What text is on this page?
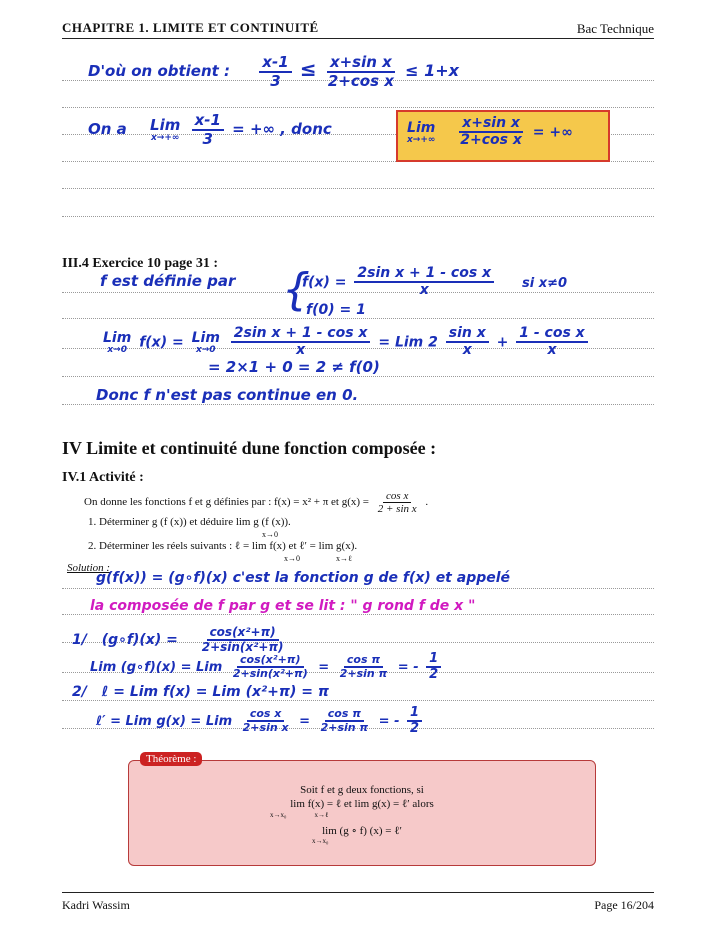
CHAPITRE 1. LIMITE ET CONTINUITÉ	Bac Technique
D'où on obtient : $\frac{x-1}{3} \le \frac{\text{x+sin x}}{\text{2+cos x}} \le 1+x$
On a Lim
x→+∞
$\frac{x-1}{3}$ = +∞ , donc	Lim
x→+∞
$\frac{\text{x+sin x}}{\text{2+cos x}}$ = +∞
III.4 Exercice 10 page 31 :
f est définie par {
$f(x) = \frac{\text{2sin x + 1 - cos x}}{x}$ si x≠0
f(0) = 1
Lim
x→0 f(x) = Lim
x→0
$\frac{\text{2sin x + 1 - cos x}}{x}$ = Lim $2 \frac{\text{sin x}}{x} + \frac{\text{1 - cos x}}{x}$
= 2×1 + 0 = 2 ≠ f(0)
Donc f n'est pas continue en 0.
IV Limite et continuité dune fonction composée :
IV.1 Activité :
On donne les fonctions f et g définies par : f(x) = x² + π et $g(x) = \frac{\text{cos x}}{\text{2 + sin x}}$ .
1. Déterminer g (f (x)) et déduire lim g (f (x)).
x→0
2. Déterminer les réels suivants : ℓ = lim f(x) et ℓ′ = lim g(x).
x→0                  x→ℓ
Solution :
g(f(x)) = (g∘f)(x) c'est la fonction g de f(x) et appelé
la composée de f par g et se lit : " g rond f de x "
1/ (g∘f)(x) = $\frac{\text{cos(x²+π)}}{\text{2+sin(x²+π)}}$
Lim (g∘f)(x) = Lim $\frac{\text{cos(x²+π)}}{\text{2+sin(x²+π)}} = \frac{\text{cos π}}{\text{2+sin π}}$ = - $\frac{1}{2}$
2/ ℓ = Lim f(x) = Lim (x²+π) = π
ℓ′ = Lim g(x) = Lim $\frac{\text{cos x}}{\text{2+sin x}} = \frac{\text{cos π}}{\text{2+sin π}}$ = - $\frac{1}{2}$
Théorème :
Soit f et g deux fonctions, si
lim f(x) = ℓ et lim g(x) = ℓ′ alors
x→x₀                x→ℓ
lim (g ∘ f) (x) = ℓ′
x→x₀
Kadri Wassim	Page 16/204
